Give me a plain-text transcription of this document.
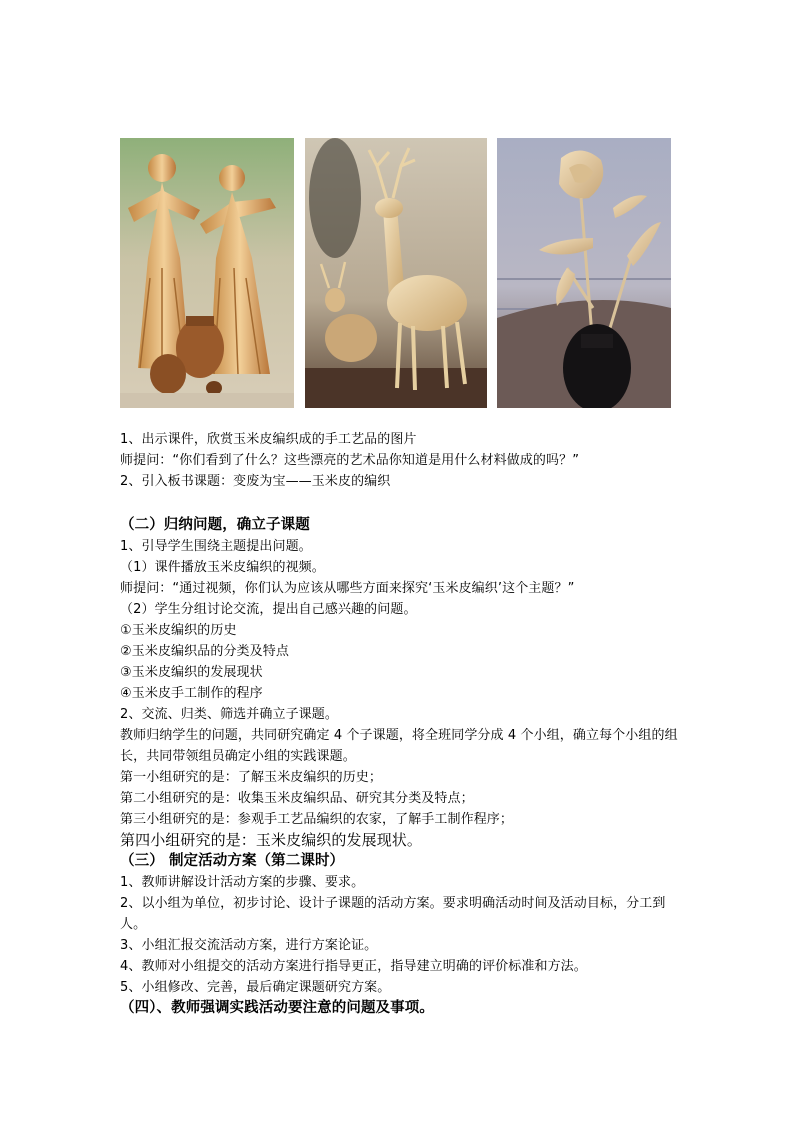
1、出示课件，欣赏玉米皮编织成的手工艺品的图片
师提问：“你们看到了什么？这些漂亮的艺术品你知道是用什么材料做成的吗？”
2、引入板书课题：变废为宝——玉米皮的编织
（二）归纳问题，确立子课题
1、引导学生围绕主题提出问题。
（1）课件播放玉米皮编织的视频。
师提问：“通过视频，你们认为应该从哪些方面来探究‘玉米皮编织’这个主题？”
（2）学生分组讨论交流，提出自己感兴趣的问题。
①玉米皮编织的历史
②玉米皮编织品的分类及特点
③玉米皮编织的发展现状
④玉米皮手工制作的程序
2、交流、归类、筛选并确立子课题。
教师归纳学生的问题，共同研究确定 4 个子课题，将全班同学分成 4 个小组，确立每个小组的组长，共同带领组员确定小组的实践课题。
第一小组研究的是：了解玉米皮编织的历史；
第二小组研究的是：收集玉米皮编织品、研究其分类及特点；
第三小组研究的是：参观手工艺品编织的农家，了解手工制作程序；
第四小组研究的是：玉米皮编织的发展现状。
（三） 制定活动方案（第二课时）
1、教师讲解设计活动方案的步骤、要求。
2、以小组为单位，初步讨论、设计子课题的活动方案。要求明确活动时间及活动目标，分工到人。
3、小组汇报交流活动方案，进行方案论证。
4、教师对小组提交的活动方案进行指导更正，指导建立明确的评价标准和方法。
5、小组修改、完善，最后确定课题研究方案。
（四）、教师强调实践活动要注意的问题及事项。
